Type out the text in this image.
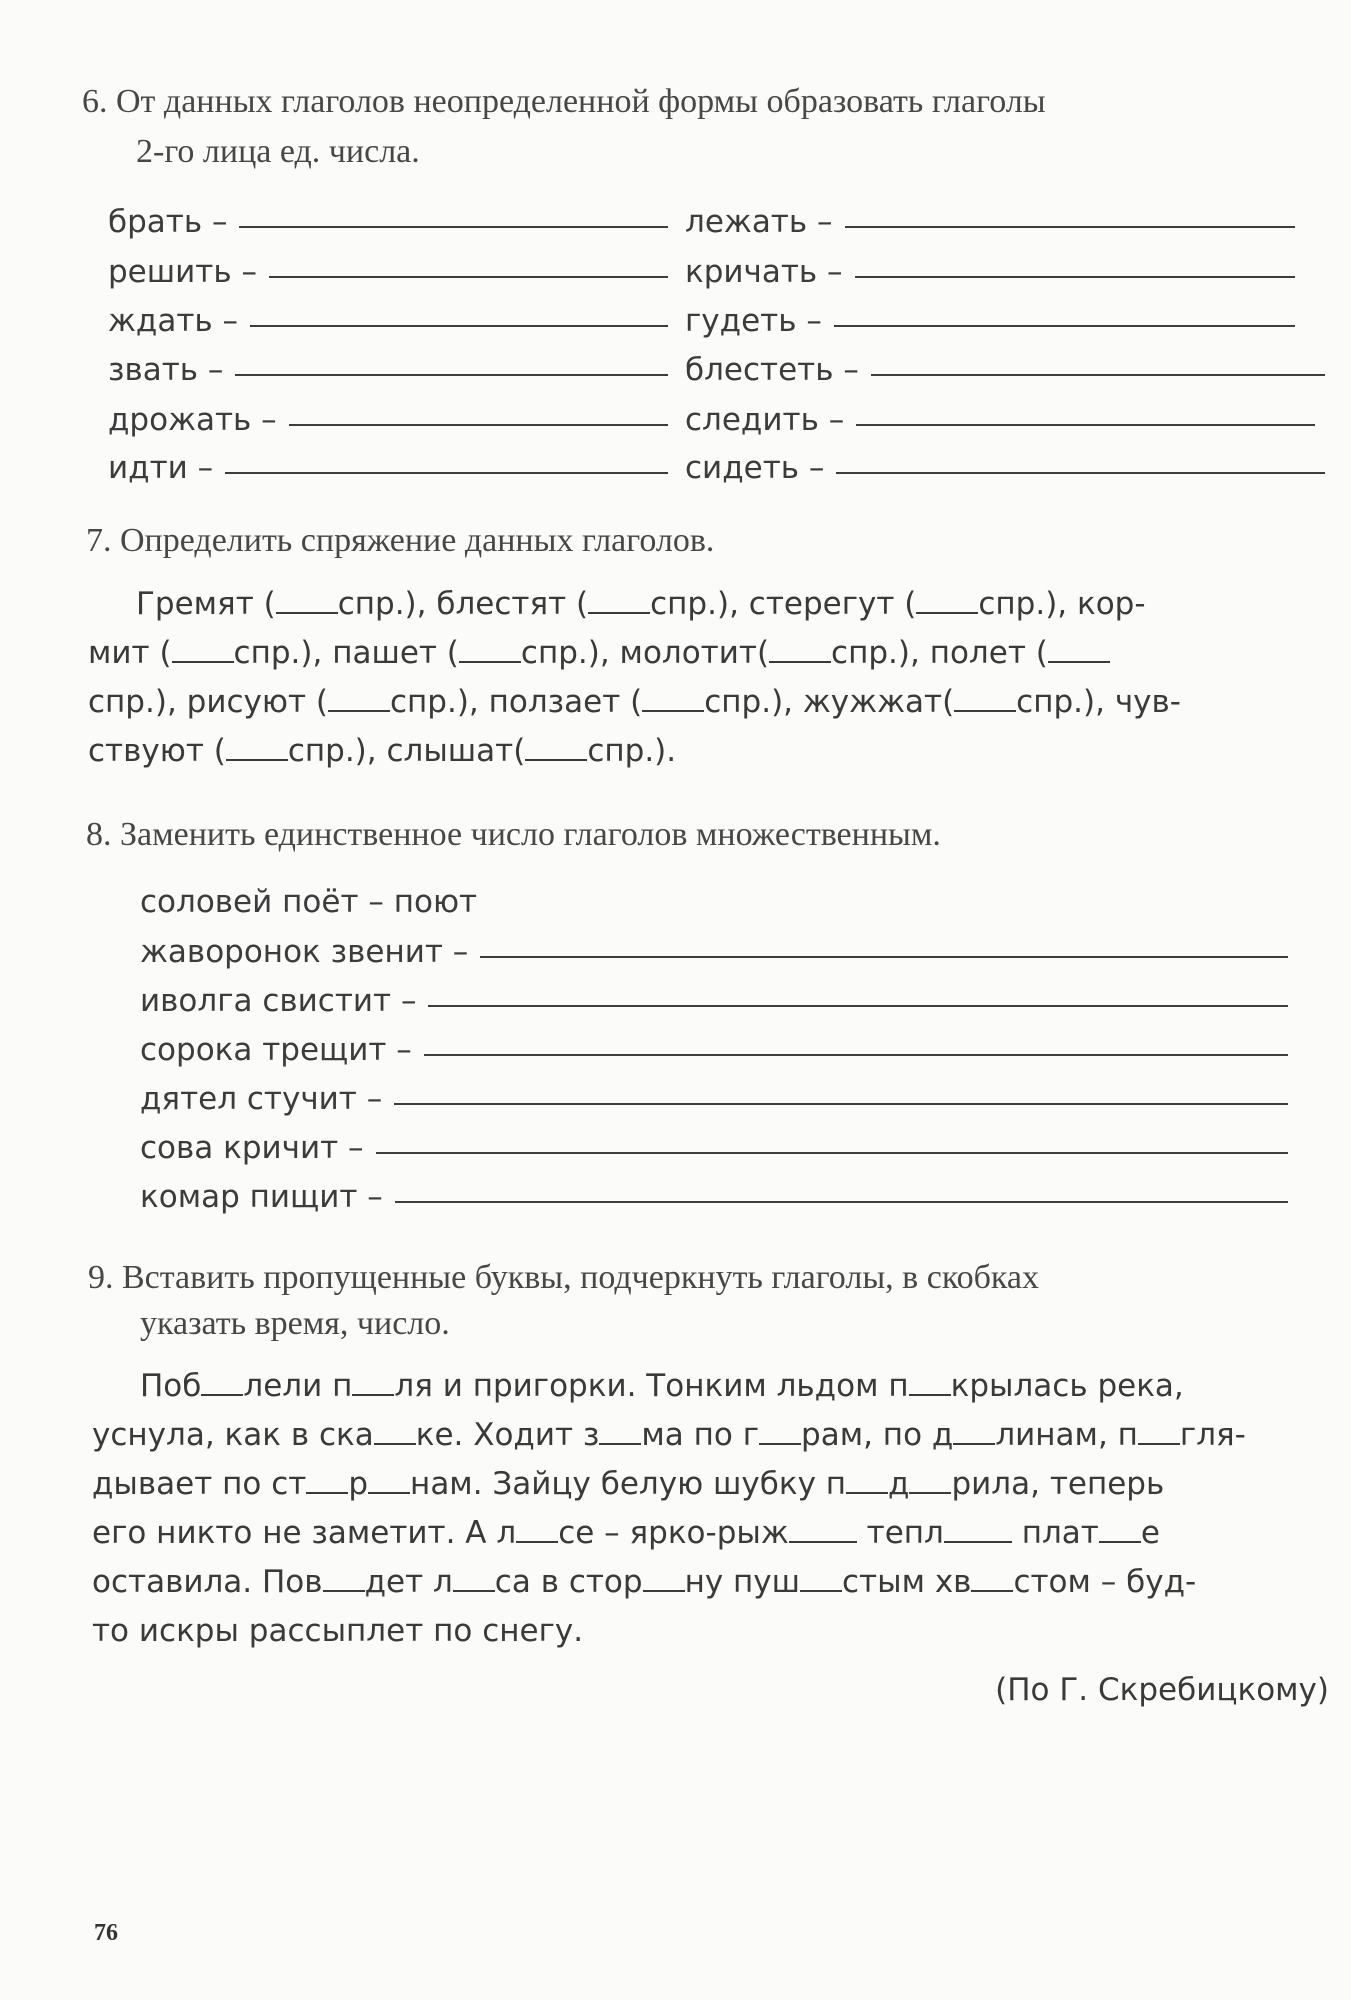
6. От данных глаголов неопределенной формы образовать глаголы
2-го лица ед. числа.
брать –
решить –
ждать –
звать –
дрожать –
идти –
лежать –
кричать –
гудеть –
блестеть –
следить –
сидеть –
7. Определить спряжение данных глаголов.
Гремят ( спр.), блестят ( спр.), стерегут ( спр.), кор-
мит ( спр.), пашет ( спр.), молотит( спр.), полет (
спр.), рисуют ( спр.), ползает ( спр.), жужжат( спр.), чув-
ствуют ( спр.), слышат( спр.).
8. Заменить единственное число глаголов множественным.
соловей поёт – поют
жаворонок звенит –
иволга свистит –
сорока трещит –
дятел стучит –
сова кричит –
комар пищит –
9. Вставить пропущенные буквы, подчеркнуть глаголы, в скобках
указать время, число.
Поб лели п ля и пригорки. Тонким льдом п крылась река,
уснула, как в ска ке. Ходит з ма по г рам, по д линам, п гля-
дывает по ст р нам. Зайцу белую шубку п д рила, теперь
его никто не заметит. А л се – ярко-рыж тепл плат е
оставила. Пов дет л са в стор ну пуш стым хв стом – буд-
то искры рассыплет по снегу.
(По Г. Скребицкому)
76
